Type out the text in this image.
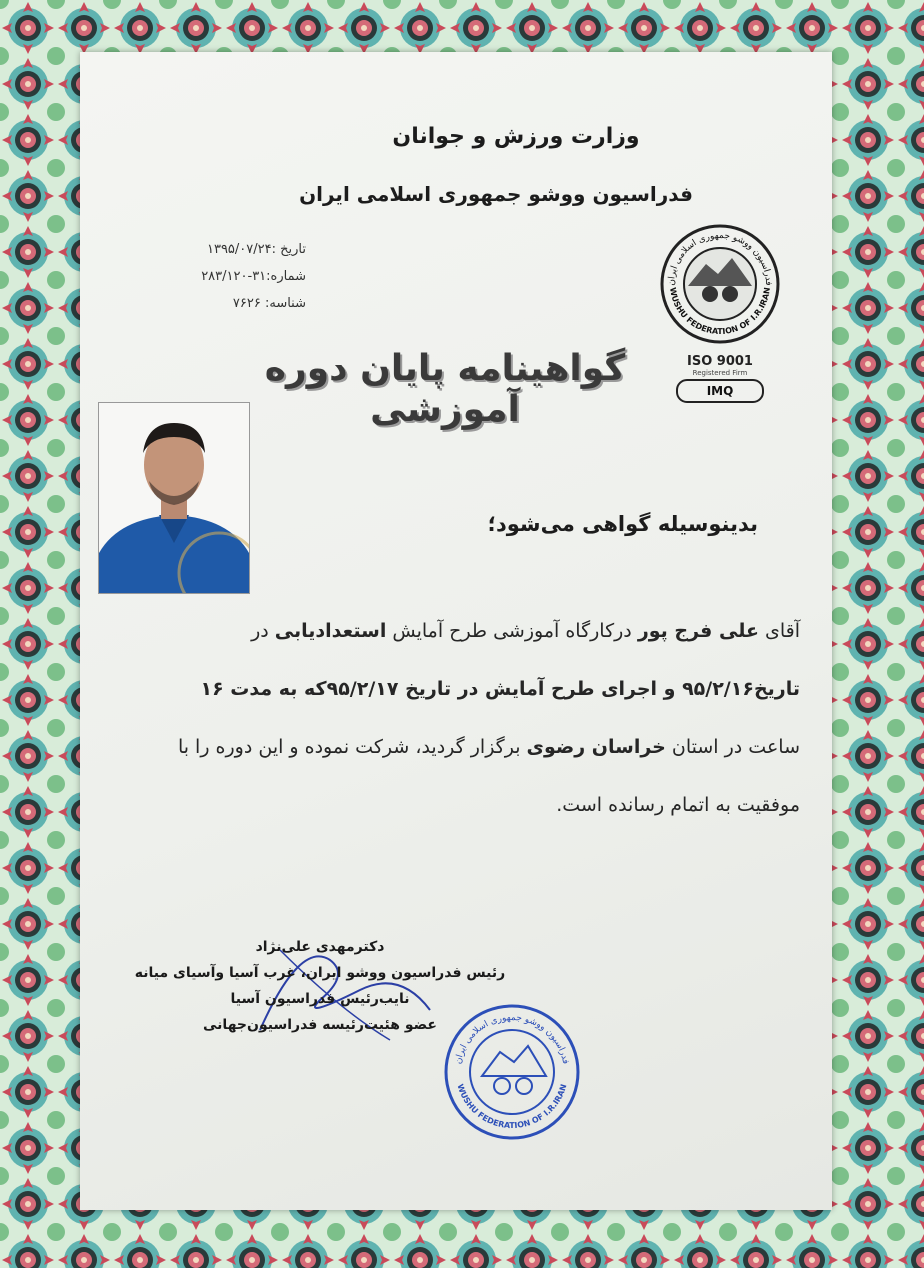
وزارت ورزش و جوانان
فدراسیون ووشو جمهوری اسلامی ایران
تاریخ :۱۳۹۵/۰۷/۲۴
شماره:۳۱-۲۸۳/۱۲۰
شناسه: ۷۶۲۶
فدراسیون ووشو جمهوری اسلامی ایران
WUSHU FEDERATION OF I.R.IRAN
ISO 9001
Registered Firm
IMQ
گواهینامه پایان دوره آموزشی
بدینوسیله گواهی می‌شود؛

آقای علی فرج پور درکارگاه آموزشی طرح آمایش استعدادیابی در

تاریخ۹۵/۲/۱۶ و اجرای طرح آمایش در تاریخ ۹۵/۲/۱۷که به مدت ۱۶

ساعت در استان خراسان رضوی برگزار گردید، شرکت نموده و این دوره را با

موفقیت به اتمام رسانده است.

دکترمهدی علی‌نژاد
رئیس فدراسیون ووشو ایران، غرب آسیا وآسیای میانه
نایب‌رئیس فدراسیون آسیا
عضو هئیت‌رئیسه فدراسیون‌جهانی
فدراسیون ووشو جمهوری اسلامی ایران
WUSHU FEDERATION OF I.R.IRAN
